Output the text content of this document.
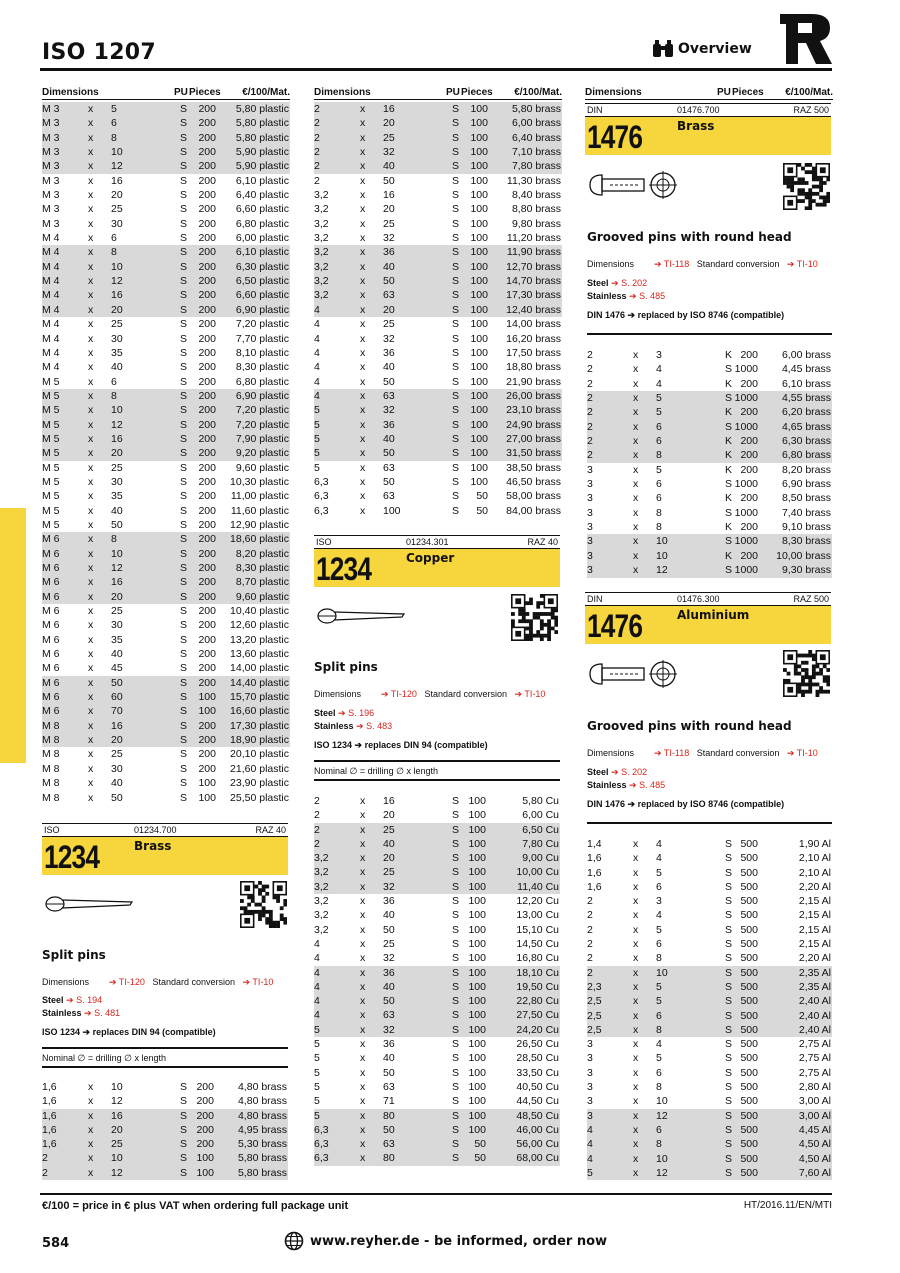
ISO 1207	Overview
Dimensions	PU Pieces €/100/Mat.
M 3	x 5	S 200 5,80 plastic
M 3	x 6	S 200 5,80 plastic
M 3	x 8	S 200 5,80 plastic
M 3	x 10	S 200 5,90 plastic
M 3	x 12	S 200 5,90 plastic
M 3	x 16	S 200 6,10 plastic
M 3	x 20	S 200 6,40 plastic
M 3	x 25	S 200 6,60 plastic
M 3	x 30	S 200 6,80 plastic
M 4	x 6	S 200 6,00 plastic
M 4	x 8	S 200 6,10 plastic
M 4	x 10	S 200 6,30 plastic
M 4	x 12	S 200 6,50 plastic
M 4	x 16	S 200 6,60 plastic
M 4	x 20	S 200 6,90 plastic
M 4	x 25	S 200 7,20 plastic
M 4	x 30	S 200 7,70 plastic
M 4	x 35	S 200 8,10 plastic
M 4	x 40	S 200 8,30 plastic
M 5	x 6	S 200 6,80 plastic
M 5	x 8	S 200 6,90 plastic
M 5	x 10	S 200 7,20 plastic
M 5	x 12	S 200 7,20 plastic
M 5	x 16	S 200 7,90 plastic
M 5	x 20	S 200 9,20 plastic
M 5	x 25	S 200 9,60 plastic
M 5	x 30	S 200 10,30 plastic
M 5	x 35	S 200 11,00 plastic
M 5	x 40	S 200 11,60 plastic
M 5	x 50	S 200 12,90 plastic
M 6	x 8	S 200 18,60 plastic
M 6	x 10	S 200 8,20 plastic
M 6	x 12	S 200 8,30 plastic
M 6	x 16	S 200 8,70 plastic
M 6	x 20	S 200 9,60 plastic
M 6	x 25	S 200 10,40 plastic
M 6	x 30	S 200 12,60 plastic
M 6	x 35	S 200 13,20 plastic
M 6	x 40	S 200 13,60 plastic
M 6	x 45	S 200 14,00 plastic
M 6	x 50	S 200 14,40 plastic
M 6	x 60	S 100 15,70 plastic
M 6	x 70	S 100 16,60 plastic
M 8	x 16	S 200 17,30 plastic
M 8	x 20	S 200 18,90 plastic
M 8	x 25	S 200 20,10 plastic
M 8	x 30	S 200 21,60 plastic
M 8	x 40	S 100 23,90 plastic
M 8	x 50	S 100 25,50 plastic
ISO	01234.700	RAZ 40
1234	Brass
Split pins
Dimensions ➔ TI-120 Standard conversion ➔ TI-10
Steel ➔ S. 194
Stainless ➔ S. 481
ISO 1234 ➔ replaces DIN 94 (compatible)
Nominal ∅ = drilling ∅ x length
1,6	x 10	S 200 4,80 brass
1,6	x 12	S 200 4,80 brass
1,6	x 16	S 200 4,80 brass
1,6	x 20	S 200 4,95 brass
1,6	x 25	S 200 5,30 brass
2	x 10	S 100 5,80 brass
2	x 12	S 100 5,80 brass
Dimensions	PU Pieces €/100/Mat.
2	x 16	S 100 5,80 brass
2	x 20	S 100 6,00 brass
2	x 25	S 100 6,40 brass
2	x 32	S 100 7,10 brass
2	x 40	S 100 7,80 brass
2	x 50	S 100 11,30 brass
3,2	x 16	S 100 8,40 brass
3,2	x 20	S 100 8,80 brass
3,2	x 25	S 100 9,80 brass
3,2	x 32	S 100 11,20 brass
3,2	x 36	S 100 11,90 brass
3,2	x 40	S 100 12,70 brass
3,2	x 50	S 100 14,70 brass
3,2	x 63	S 100 17,30 brass
4	x 20	S 100 12,40 brass
4	x 25	S 100 14,00 brass
4	x 32	S 100 16,20 brass
4	x 36	S 100 17,50 brass
4	x 40	S 100 18,80 brass
4	x 50	S 100 21,90 brass
4	x 63	S 100 26,00 brass
5	x 32	S 100 23,10 brass
5	x 36	S 100 24,90 brass
5	x 40	S 100 27,00 brass
5	x 50	S 100 31,50 brass
5	x 63	S 100 38,50 brass
6,3	x 50	S 100 46,50 brass
6,3	x 63	S 50 58,00 brass
6,3	x 100	S 50 84,00 brass
ISO	01234.301	RAZ 40
1234	Copper
Split pins
Dimensions ➔ TI-120 Standard conversion ➔ TI-10
Steel ➔ S. 196
Stainless ➔ S. 483
ISO 1234 ➔ replaces DIN 94 (compatible)
Nominal ∅ = drilling ∅ x length
2	x 16	S 100	5,80 Cu
2	x 20	S 100	6,00 Cu
2	x 25	S 100	6,50 Cu
2	x 40	S 100	7,80 Cu
3,2	x 20	S 100	9,00 Cu
3,2	x 25	S 100	10,00 Cu
3,2	x 32	S 100	11,40 Cu
3,2	x 36	S 100	12,20 Cu
3,2	x 40	S 100	13,00 Cu
3,2	x 50	S 100	15,10 Cu
4	x 25	S 100	14,50 Cu
4	x 32	S 100	16,80 Cu
4	x 36	S 100	18,10 Cu
4	x 40	S 100	19,50 Cu
4	x 50	S 100	22,80 Cu
4	x 63	S 100	27,50 Cu
5	x 32	S 100	24,20 Cu
5	x 36	S 100	26,50 Cu
5	x 40	S 100	28,50 Cu
5	x 50	S 100	33,50 Cu
5	x 63	S 100	40,50 Cu
5	x 71	S 100	44,50 Cu
5	x 80	S 100	48,50 Cu
6,3	x 50	S 100	46,00 Cu
6,3	x 63	S 50	56,00 Cu
6,3	x 80	S 50	68,00 Cu
Dimensions	PU Pieces €/100/Mat.
DIN	01476.700	RAZ 500
1476	Brass
Grooved pins with round head
Dimensions ➔ TI-118 Standard conversion ➔ TI-10
Steel ➔ S. 202
Stainless ➔ S. 485
DIN 1476 ➔ replaced by ISO 8746 (compatible)
2	x 3	K 200 6,00 brass
2	x 4	S 1000 4,45 brass
2	x 4	K 200 6,10 brass
2	x 5	S 1000 4,55 brass
2	x 5	K 200 6,20 brass
2	x 6	S 1000 4,65 brass
2	x 6	K 200 6,30 brass
2	x 8	K 200 6,80 brass
3	x 5	K 200 8,20 brass
3	x 6	S 1000 6,90 brass
3	x 6	K 200 8,50 brass
3	x 8	S 1000 7,40 brass
3	x 8	K 200 9,10 brass
3	x 10	S 1000 8,30 brass
3	x 10	K 200 10,00 brass
3	x 12	S 1000 9,30 brass
DIN	01476.300	RAZ 500
1476	Aluminium
Grooved pins with round head
Dimensions ➔ TI-118 Standard conversion ➔ TI-10
Steel ➔ S. 202
Stainless ➔ S. 485
DIN 1476 ➔ replaced by ISO 8746 (compatible)
1,4	x 4	S 500	1,90 Al
1,6	x 4	S 500	2,10 Al
1,6	x 5	S 500	2,10 Al
1,6	x 6	S 500	2,20 Al
2	x 3	S 500	2,15 Al
2	x 4	S 500	2,15 Al
2	x 5	S 500	2,15 Al
2	x 6	S 500	2,15 Al
2	x 8	S 500	2,20 Al
2	x 10	S 500	2,35 Al
2,3	x 5	S 500	2,35 Al
2,5	x 5	S 500	2,40 Al
2,5	x 6	S 500	2,40 Al
2,5	x 8	S 500	2,40 Al
3	x 4	S 500	2,75 Al
3	x 5	S 500	2,75 Al
3	x 6	S 500	2,75 Al
3	x 8	S 500	2,80 Al
3	x 10	S 500	3,00 Al
3	x 12	S 500	3,00 Al
4	x 6	S 500	4,45 Al
4	x 8	S 500	4,50 Al
4	x 10	S 500	4,50 Al
5	x 12	S 500	7,60 Al
€/100 = price in € plus VAT when ordering full package unit	HT/2016.11/EN/MTI
584	www.reyher.de - be informed, order now
